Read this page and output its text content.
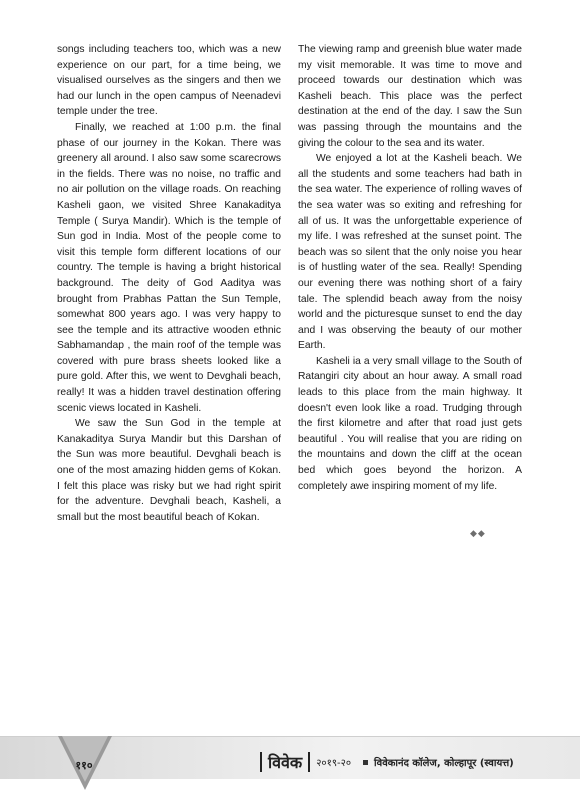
songs including teachers too, which was a new experience on our part, for a time being, we visualised ourselves as the singers and then we had our lunch in the open campus of Neenadevi temple under the tree.

Finally, we reached at 1:00 p.m. the final phase of our journey in the Kokan. There was greenery all around. I also saw some scarecrows in the fields. There was no noise, no traffic and no air pollution on the village roads. On reaching Kasheli gaon, we visited Shree Kanakaditya Temple ( Surya Mandir). Which is the temple of Sun god in India. Most of the people come to visit this temple form different locations of our country. The temple is having a bright historical background. The deity of God Aaditya was brought from Prabhas Pattan the Sun Temple, somewhat 800 years ago. I was very happy to see the temple and its attractive wooden ethnic Sabhamandap , the main roof of the temple was covered with pure brass sheets looked like a pure gold. After this, we went to Devghali beach, really! It was a hidden travel destination offering scenic views located in Kasheli.

We saw the Sun God in the temple at Kanakaditya Surya Mandir but this Darshan of the Sun was more beautiful. Devghali beach is one of the most amazing hidden gems of Kokan. I felt this place was risky but we had right spirit for the adventure. Devghali beach, Kasheli, a small but the most beautiful beach of Kokan.

The viewing ramp and greenish blue water made my visit memorable. It was time to move and proceed towards our destination which was Kasheli beach. This place was the perfect destination at the end of the day. I saw the Sun was passing through the mountains and the giving the colour to the sea and its water.

We enjoyed a lot at the Kasheli beach. We all the students and some teachers had bath in the sea water. The experience of rolling waves of the sea water was so exiting and refreshing for all of us. It was the unforgettable experience of my life. I was refreshed at the sunset point. The beach was so silent that the only noise you hear is of hustling water of the sea. Really! Spending our evening there was nothing short of a fairy tale. The splendid beach away from the noisy world and the picturesque sunset to end the day and I was observing the beauty of our mother Earth.

Kasheli ia a very small village to the South of Ratangiri city about an hour away. A small road leads to this place from the main highway. It doesn't even look like a road. Trudging through the first kilometre and after that road just gets beautiful . You will realise that you are riding on the mountains and down the cliff at the ocean bed which goes beyond the horizon. A completely awe inspiring moment of my life.

◆◆
११०	विवेक २०१९-२० विवेकानंद कॉलेज, कोल्हापूर (स्वायत्त)
